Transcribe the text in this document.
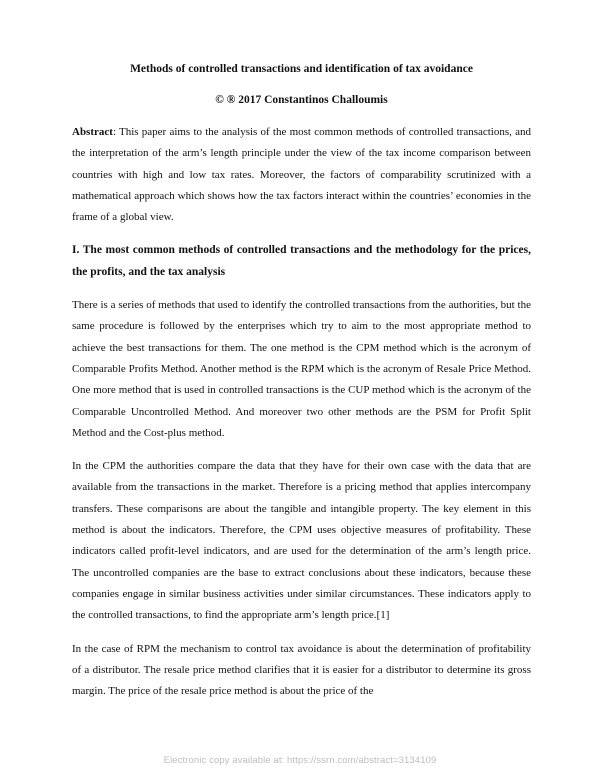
Methods of controlled transactions and identification of tax avoidance
© ® 2017 Constantinos Challoumis

Abstract: This paper aims to the analysis of the most common methods of controlled transactions, and the interpretation of the arm’s length principle under the view of the tax income comparison between countries with high and low tax rates. Moreover, the factors of comparability scrutinized with a mathematical approach which shows how the tax factors interact within the countries’ economies in the frame of a global view.

I. The most common methods of controlled transactions and the methodology for the prices, the profits, and the tax analysis

There is a series of methods that used to identify the controlled transactions from the authorities, but the same procedure is followed by the enterprises which try to aim to the most appropriate method to achieve the best transactions for them. The one method is the CPM method which is the acronym of Comparable Profits Method. Another method is the RPM which is the acronym of Resale Price Method. One more method that is used in controlled transactions is the CUP method which is the acronym of the Comparable Uncontrolled Method. And moreover two other methods are the PSM for Profit Split Method and the Cost-plus method.

In the CPM the authorities compare the data that they have for their own case with the data that are available from the transactions in the market. Therefore is a pricing method that applies intercompany transfers. These comparisons are about the tangible and intangible property. The key element in this method is about the indicators. Therefore, the CPM uses objective measures of profitability. These indicators called profit-level indicators, and are used for the determination of the arm’s length price. The uncontrolled companies are the base to extract conclusions about these indicators, because these companies engage in similar business activities under similar circumstances. These indicators apply to the controlled transactions, to find the appropriate arm’s length price.[1]

In the case of RPM the mechanism to control tax avoidance is about the determination of profitability of a distributor. The resale price method clarifies that it is easier for a distributor to determine its gross margin. The price of the resale price method is about the price of the

Electronic copy available at: https://ssrn.com/abstract=3134109
